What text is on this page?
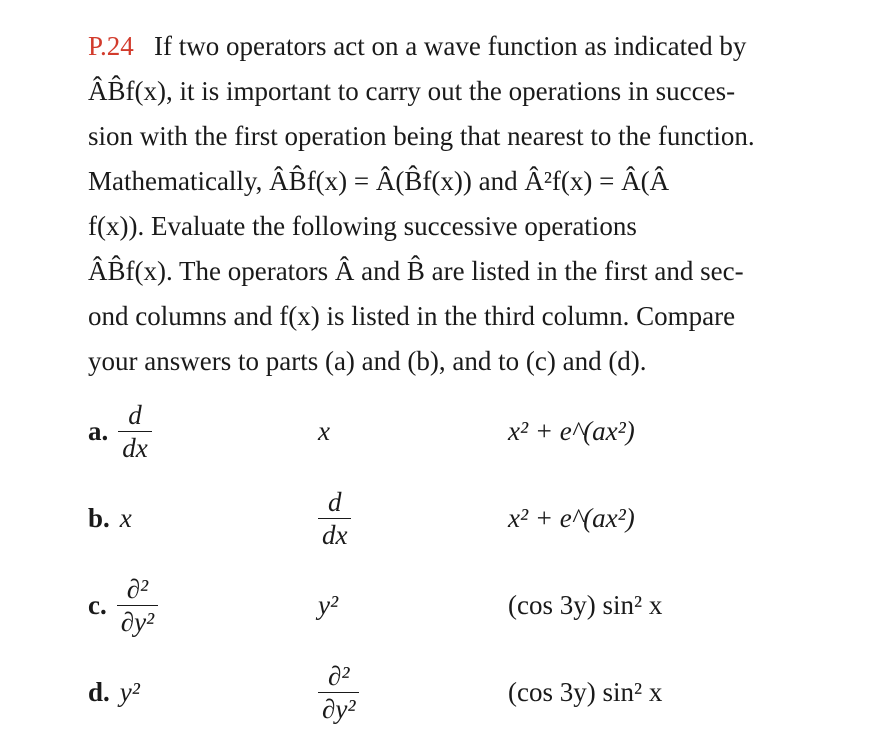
P.24 If two operators act on a wave function as indicated by
ÂB̂f(x), it is important to carry out the operations in succes-
sion with the first operation being that nearest to the function.
Mathematically, ÂB̂f(x) = Â(B̂f(x)) and Â²f(x) = Â(Â
f(x)). Evaluate the following successive operations
ÂB̂f(x). The operators Â and B̂ are listed in the first and sec-
ond columns and f(x) is listed in the third column. Compare
your answers to parts (a) and (b), and to (c) and (d).
a. $\frac{d}{dx}$	x	x² + e^(ax²)
b. x	$\frac{d}{dx}$	x² + e^(ax²)
c. $\frac{\text{∂²}}{\text{∂y²}}$	y²	(cos 3y) sin² x
d. y²	$\frac{\text{∂²}}{\text{∂y²}}$	(cos 3y) sin² x
